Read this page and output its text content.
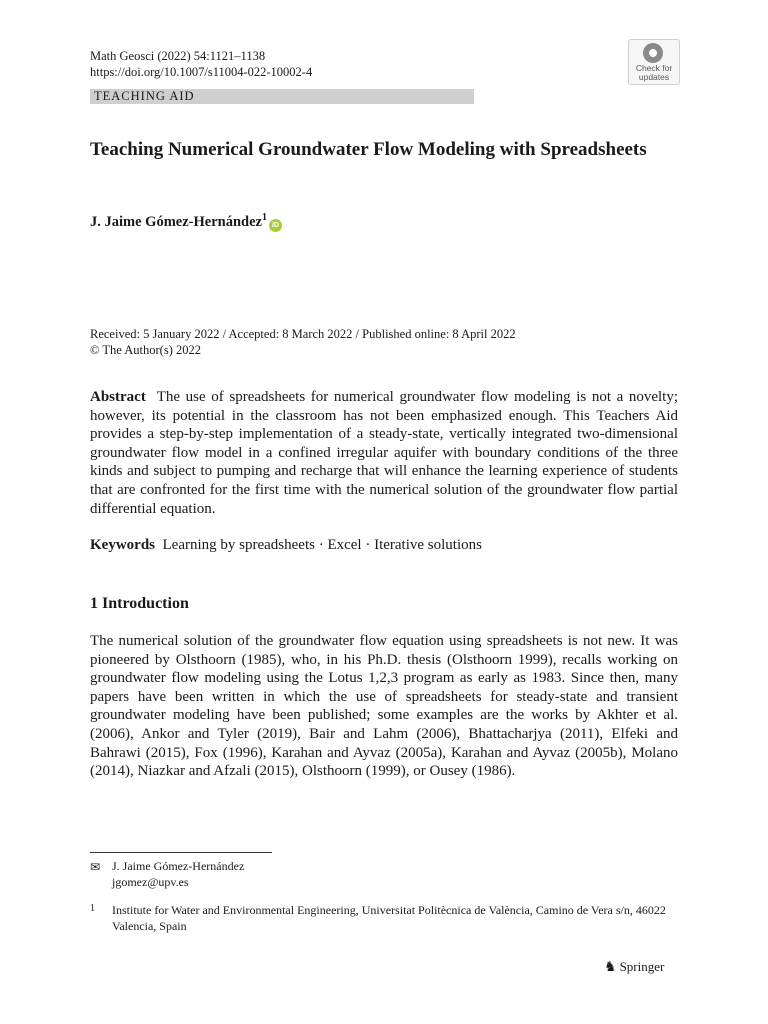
Math Geosci (2022) 54:1121–1138
https://doi.org/10.1007/s11004-022-10002-4
TEACHING AID
Check for updates
Teaching Numerical Groundwater Flow Modeling with Spreadsheets
J. Jaime Gómez-Hernández$^1$iD
Received: 5 January 2022 / Accepted: 8 March 2022 / Published online: 8 April 2022
© The Author(s) 2022
Abstract The use of spreadsheets for numerical groundwater flow modeling is not a novelty; however, its potential in the classroom has not been emphasized enough. This Teachers Aid provides a step-by-step implementation of a steady-state, vertically integrated two-dimensional groundwater flow model in a confined irregular aquifer with boundary conditions of the three kinds and subject to pumping and recharge that will enhance the learning experience of students that are confronted for the first time with the numerical solution of the groundwater flow partial differential equation.
Keywords Learning by spreadsheets · Excel · Iterative solutions
1 Introduction
The numerical solution of the groundwater flow equation using spreadsheets is not new. It was pioneered by Olsthoorn (1985), who, in his Ph.D. thesis (Olsthoorn 1999), recalls working on groundwater flow modeling using the Lotus 1,2,3 program as early as 1983. Since then, many papers have been written in which the use of spreadsheets for steady-state and transient groundwater modeling have been published; some examples are the works by Akhter et al. (2006), Ankor and Tyler (2019), Bair and Lahm (2006), Bhattacharjya (2011), Elfeki and Bahrawi (2015), Fox (1996), Karahan and Ayvaz (2005a), Karahan and Ayvaz (2005b), Molano (2014), Niazkar and Afzali (2015), Olsthoorn (1999), or Ousey (1986).
✉ J. Jaime Gómez-Hernández
jgomez@upv.es
1 Institute for Water and Environmental Engineering, Universitat Politècnica de València, Camino de Vera s/n, 46022 Valencia, Spain
♞ Springer
